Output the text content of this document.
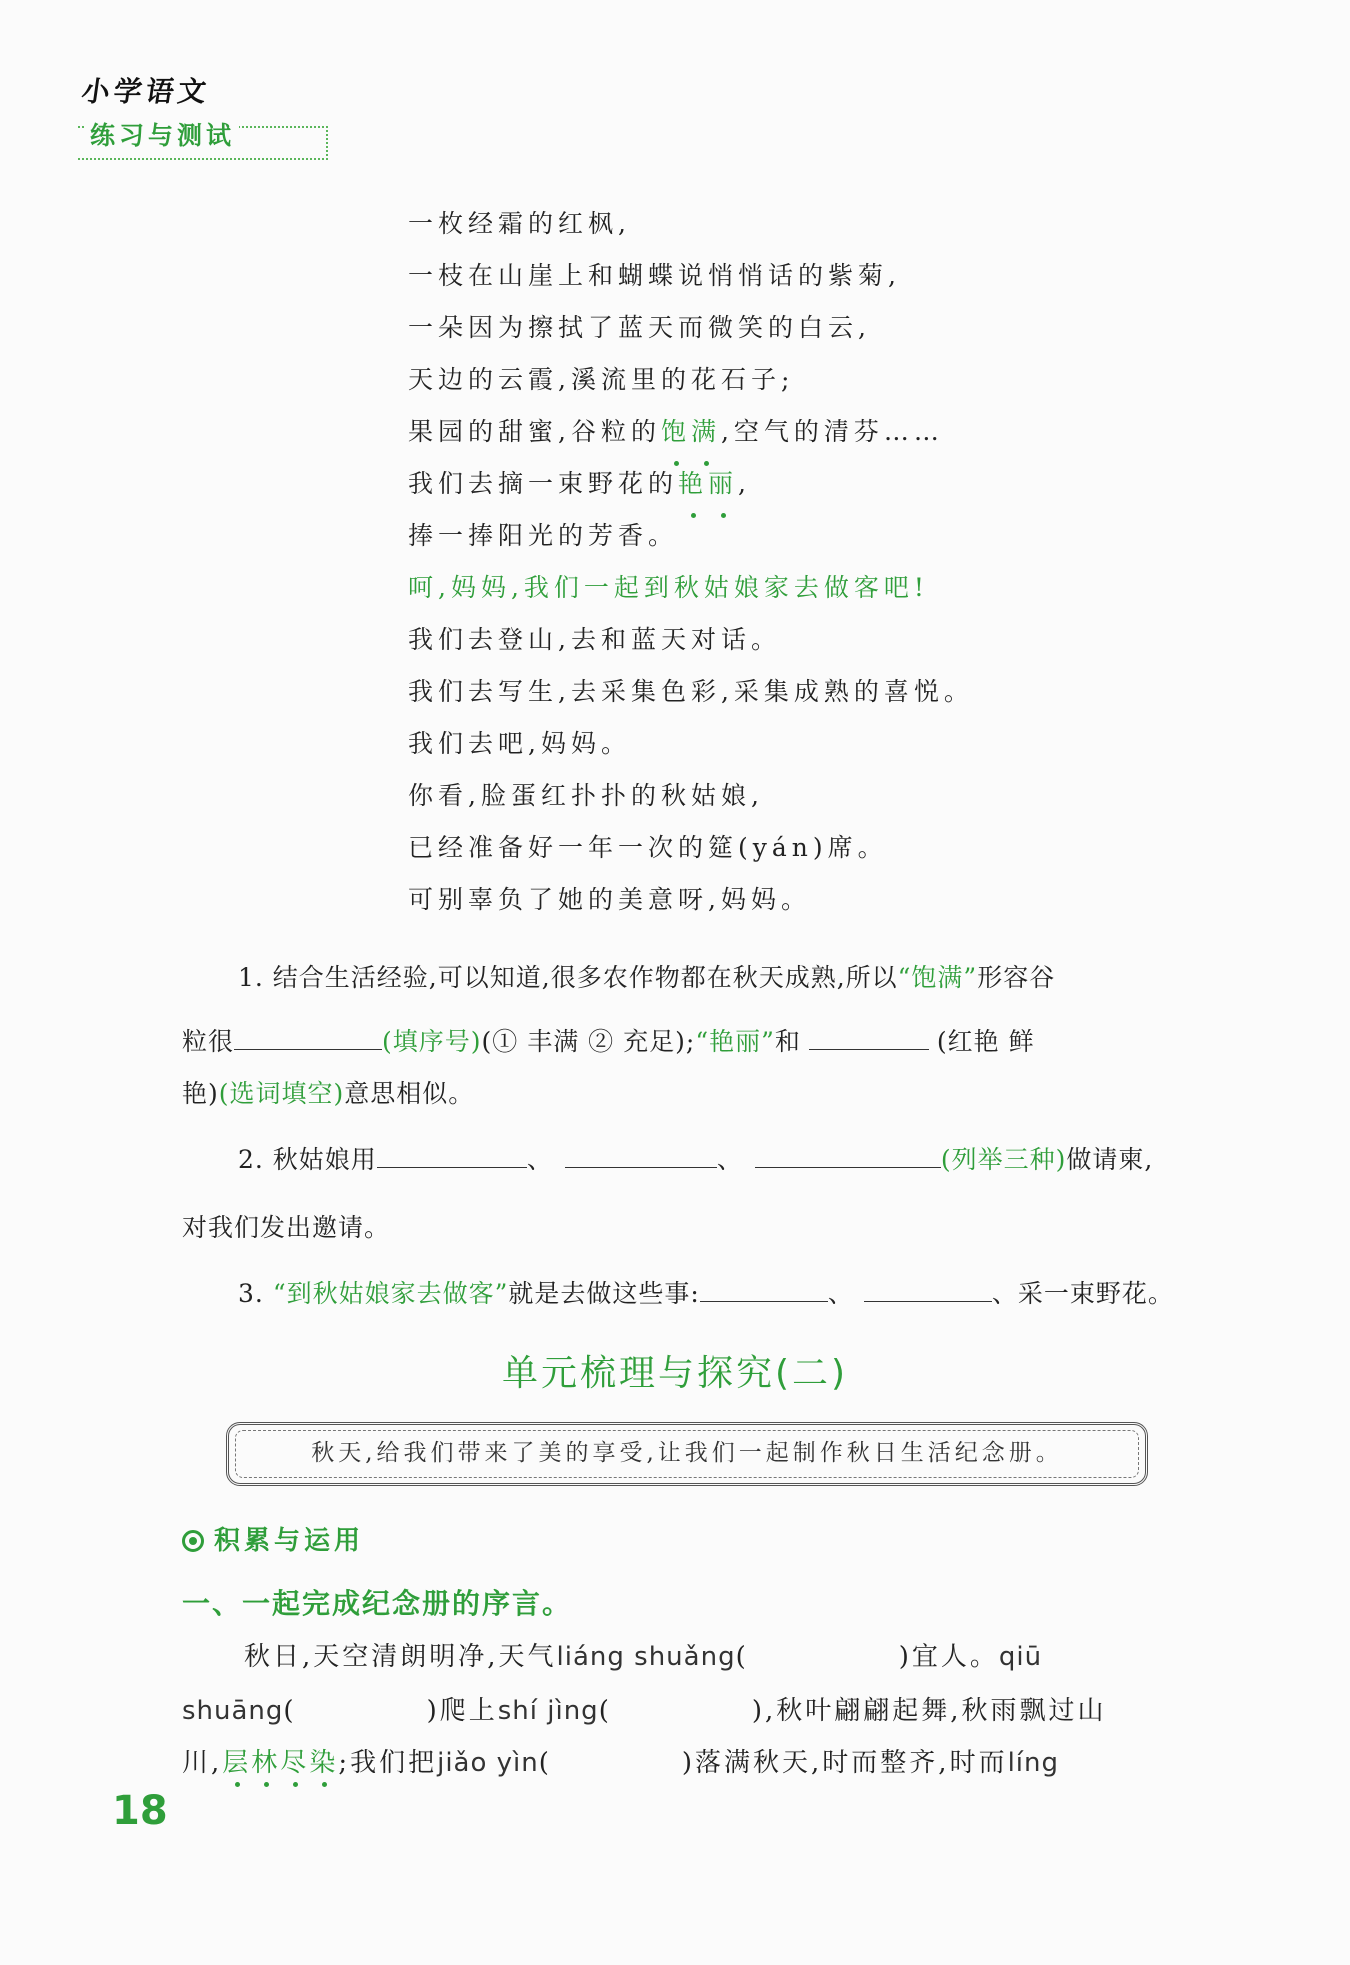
小学语文
练习与测试
一枚经霜的红枫,
一枝在山崖上和蝴蝶说悄悄话的紫菊,
一朵因为擦拭了蓝天而微笑的白云,
天边的云霞,溪流里的花石子;
果园的甜蜜,谷粒的饱满,空气的清芬……
我们去摘一束野花的艳丽,
捧一捧阳光的芳香。
呵,妈妈,我们一起到秋姑娘家去做客吧!
我们去登山,去和蓝天对话。
我们去写生,去采集色彩,采集成熟的喜悦。
我们去吧,妈妈。
你看,脸蛋红扑扑的秋姑娘,
已经准备好一年一次的筵(yán)席。
可别辜负了她的美意呀,妈妈。
1. 结合生活经验,可以知道,很多农作物都在秋天成熟,所以“饱满”形容谷
粒很	(填序号)(① 丰满 ② 充足);“艳丽”和	(红艳 鲜
艳)(选词填空)意思相似。
2. 秋姑娘用	、	、	(列举三种)做请柬,
对我们发出邀请。
3. “到秋姑娘家去做客”就是去做这些事:	、	、采一束野花。
单元梳理与探究(二)
秋天,给我们带来了美的享受,让我们一起制作秋日生活纪念册。
积累与运用
一、一起完成纪念册的序言。
秋日,天空清朗明净,天气liáng shuǎng(	)宜人。qiū
shuāng(	)爬上shí jìng(	),秋叶翩翩起舞,秋雨飘过山
川,层林尽染;我们把jiǎo yìn(	)落满秋天,时而整齐,时而líng
18
